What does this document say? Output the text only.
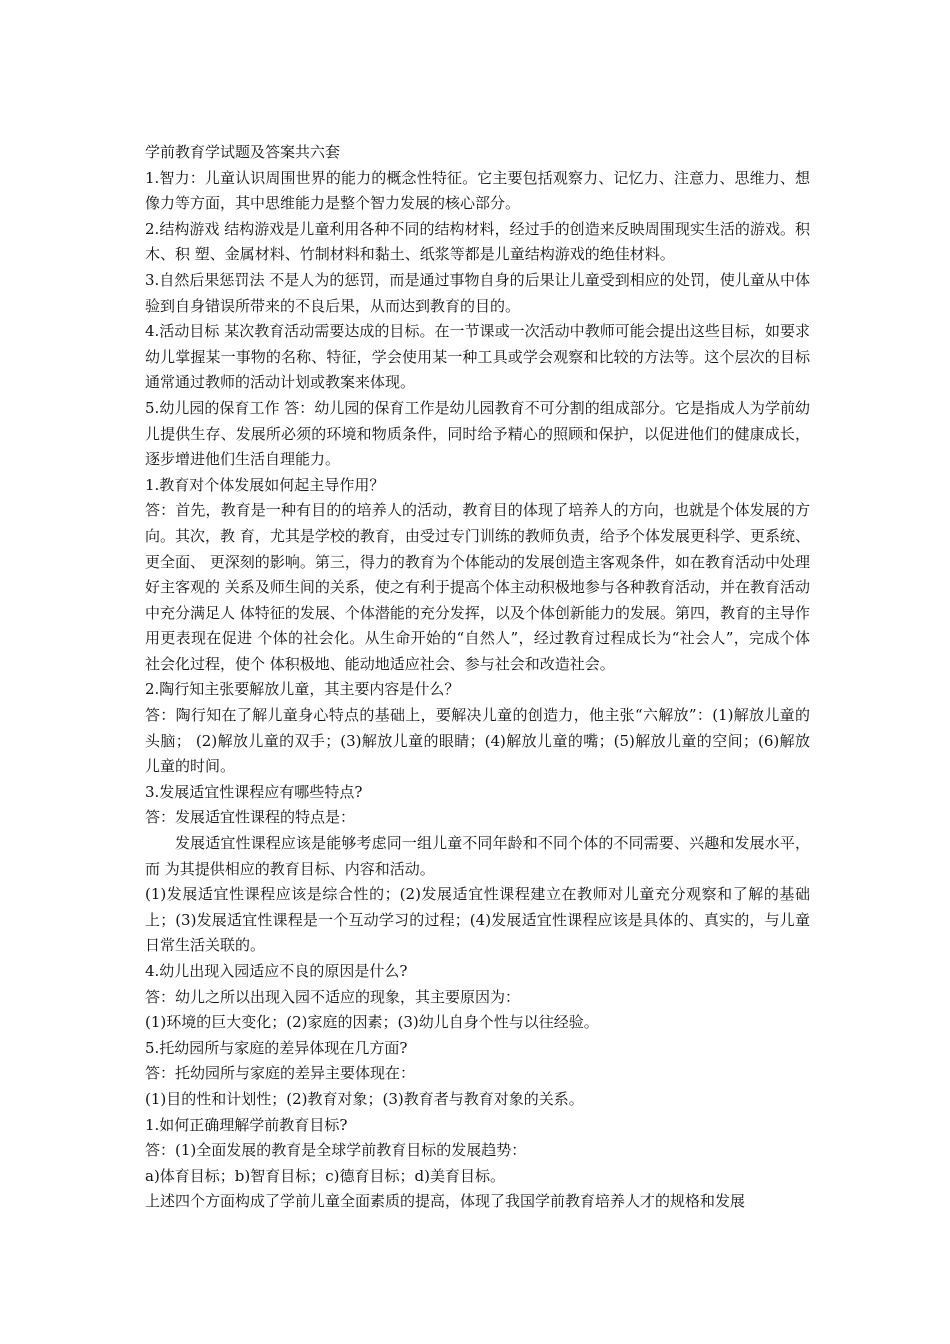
学前教育学试题及答案共六套

1.智力：儿童认识周围世界的能力的概念性特征。它主要包括观察力、记忆力、注意力、思维力、想像力等方面，其中思维能力是整个智力发展的核心部分。

2.结构游戏 结构游戏是儿童利用各种不同的结构材料，经过手的创造来反映周围现实生活的游戏。积木、积 塑、金属材料、竹制材料和黏土、纸浆等都是儿童结构游戏的绝佳材料。

3.自然后果惩罚法 不是人为的惩罚，而是通过事物自身的后果让儿童受到相应的处罚，使儿童从中体验到自身错误所带来的不良后果，从而达到教育的目的。

4.活动目标 某次教育活动需要达成的目标。在一节课或一次活动中教师可能会提出这些目标，如要求幼儿掌握某一事物的名称、特征，学会使用某一种工具或学会观察和比较的方法等。这个层次的目标通常通过教师的活动计划或教案来体现。

5.幼儿园的保育工作 答：幼儿园的保育工作是幼儿园教育不可分割的组成部分。它是指成人为学前幼儿提供生存、发展所必须的环境和物质条件，同时给予精心的照顾和保护，以促进他们的健康成长，逐步增进他们生活自理能力。

1.教育对个体发展如何起主导作用？

答：首先，教育是一种有目的的培养人的活动，教育目的体现了培养人的方向，也就是个体发展的方向。其次，教 育，尤其是学校的教育，由受过专门训练的教师负责，给予个体发展更科学、更系统、更全面、 更深刻的影响。第三，得力的教育为个体能动的发展创造主客观条件，如在教育活动中处理好主客观的 关系及师生间的关系，使之有利于提高个体主动积极地参与各种教育活动，并在教育活动中充分满足人 体特征的发展、个体潜能的充分发挥，以及个体创新能力的发展。第四，教育的主导作用更表现在促进 个体的社会化。从生命开始的“自然人”，经过教育过程成长为“社会人”，完成个体社会化过程，使个 体积极地、能动地适应社会、参与社会和改造社会。

2.陶行知主张要解放儿童，其主要内容是什么？

答：陶行知在了解儿童身心特点的基础上，要解决儿童的创造力，他主张“六解放”：(1)解放儿童的头脑； (2)解放儿童的双手；(3)解放儿童的眼睛；(4)解放儿童的嘴；(5)解放儿童的空间；(6)解放儿童的时间。

3.发展适宜性课程应有哪些特点?

答：发展适宜性课程的特点是：

发展适宜性课程应该是能够考虑同一组儿童不同年龄和不同个体的不同需要、兴趣和发展水平，而 为其提供相应的教育目标、内容和活动。

(1)发展适宜性课程应该是综合性的；(2)发展适宜性课程建立在教师对儿童充分观察和了解的基础上；(3)发展适宜性课程是一个互动学习的过程；(4)发展适宜性课程应该是具体的、真实的，与儿童日常生活关联的。

4.幼儿出现入园适应不良的原因是什么?

答：幼儿之所以出现入园不适应的现象，其主要原因为：

(1)环境的巨大变化；(2)家庭的因素；(3)幼儿自身个性与以往经验。

5.托幼园所与家庭的差异体现在几方面?

答：托幼园所与家庭的差异主要体现在：

(1)目的性和计划性；(2)教育对象；(3)教育者与教育对象的关系。

1.如何正确理解学前教育目标?

答：(1)全面发展的教育是全球学前教育目标的发展趋势：

a)体育目标；b)智育目标；c)德育目标；d)美育目标。

上述四个方面构成了学前儿童全面素质的提高，体现了我国学前教育培养人才的规格和发展
